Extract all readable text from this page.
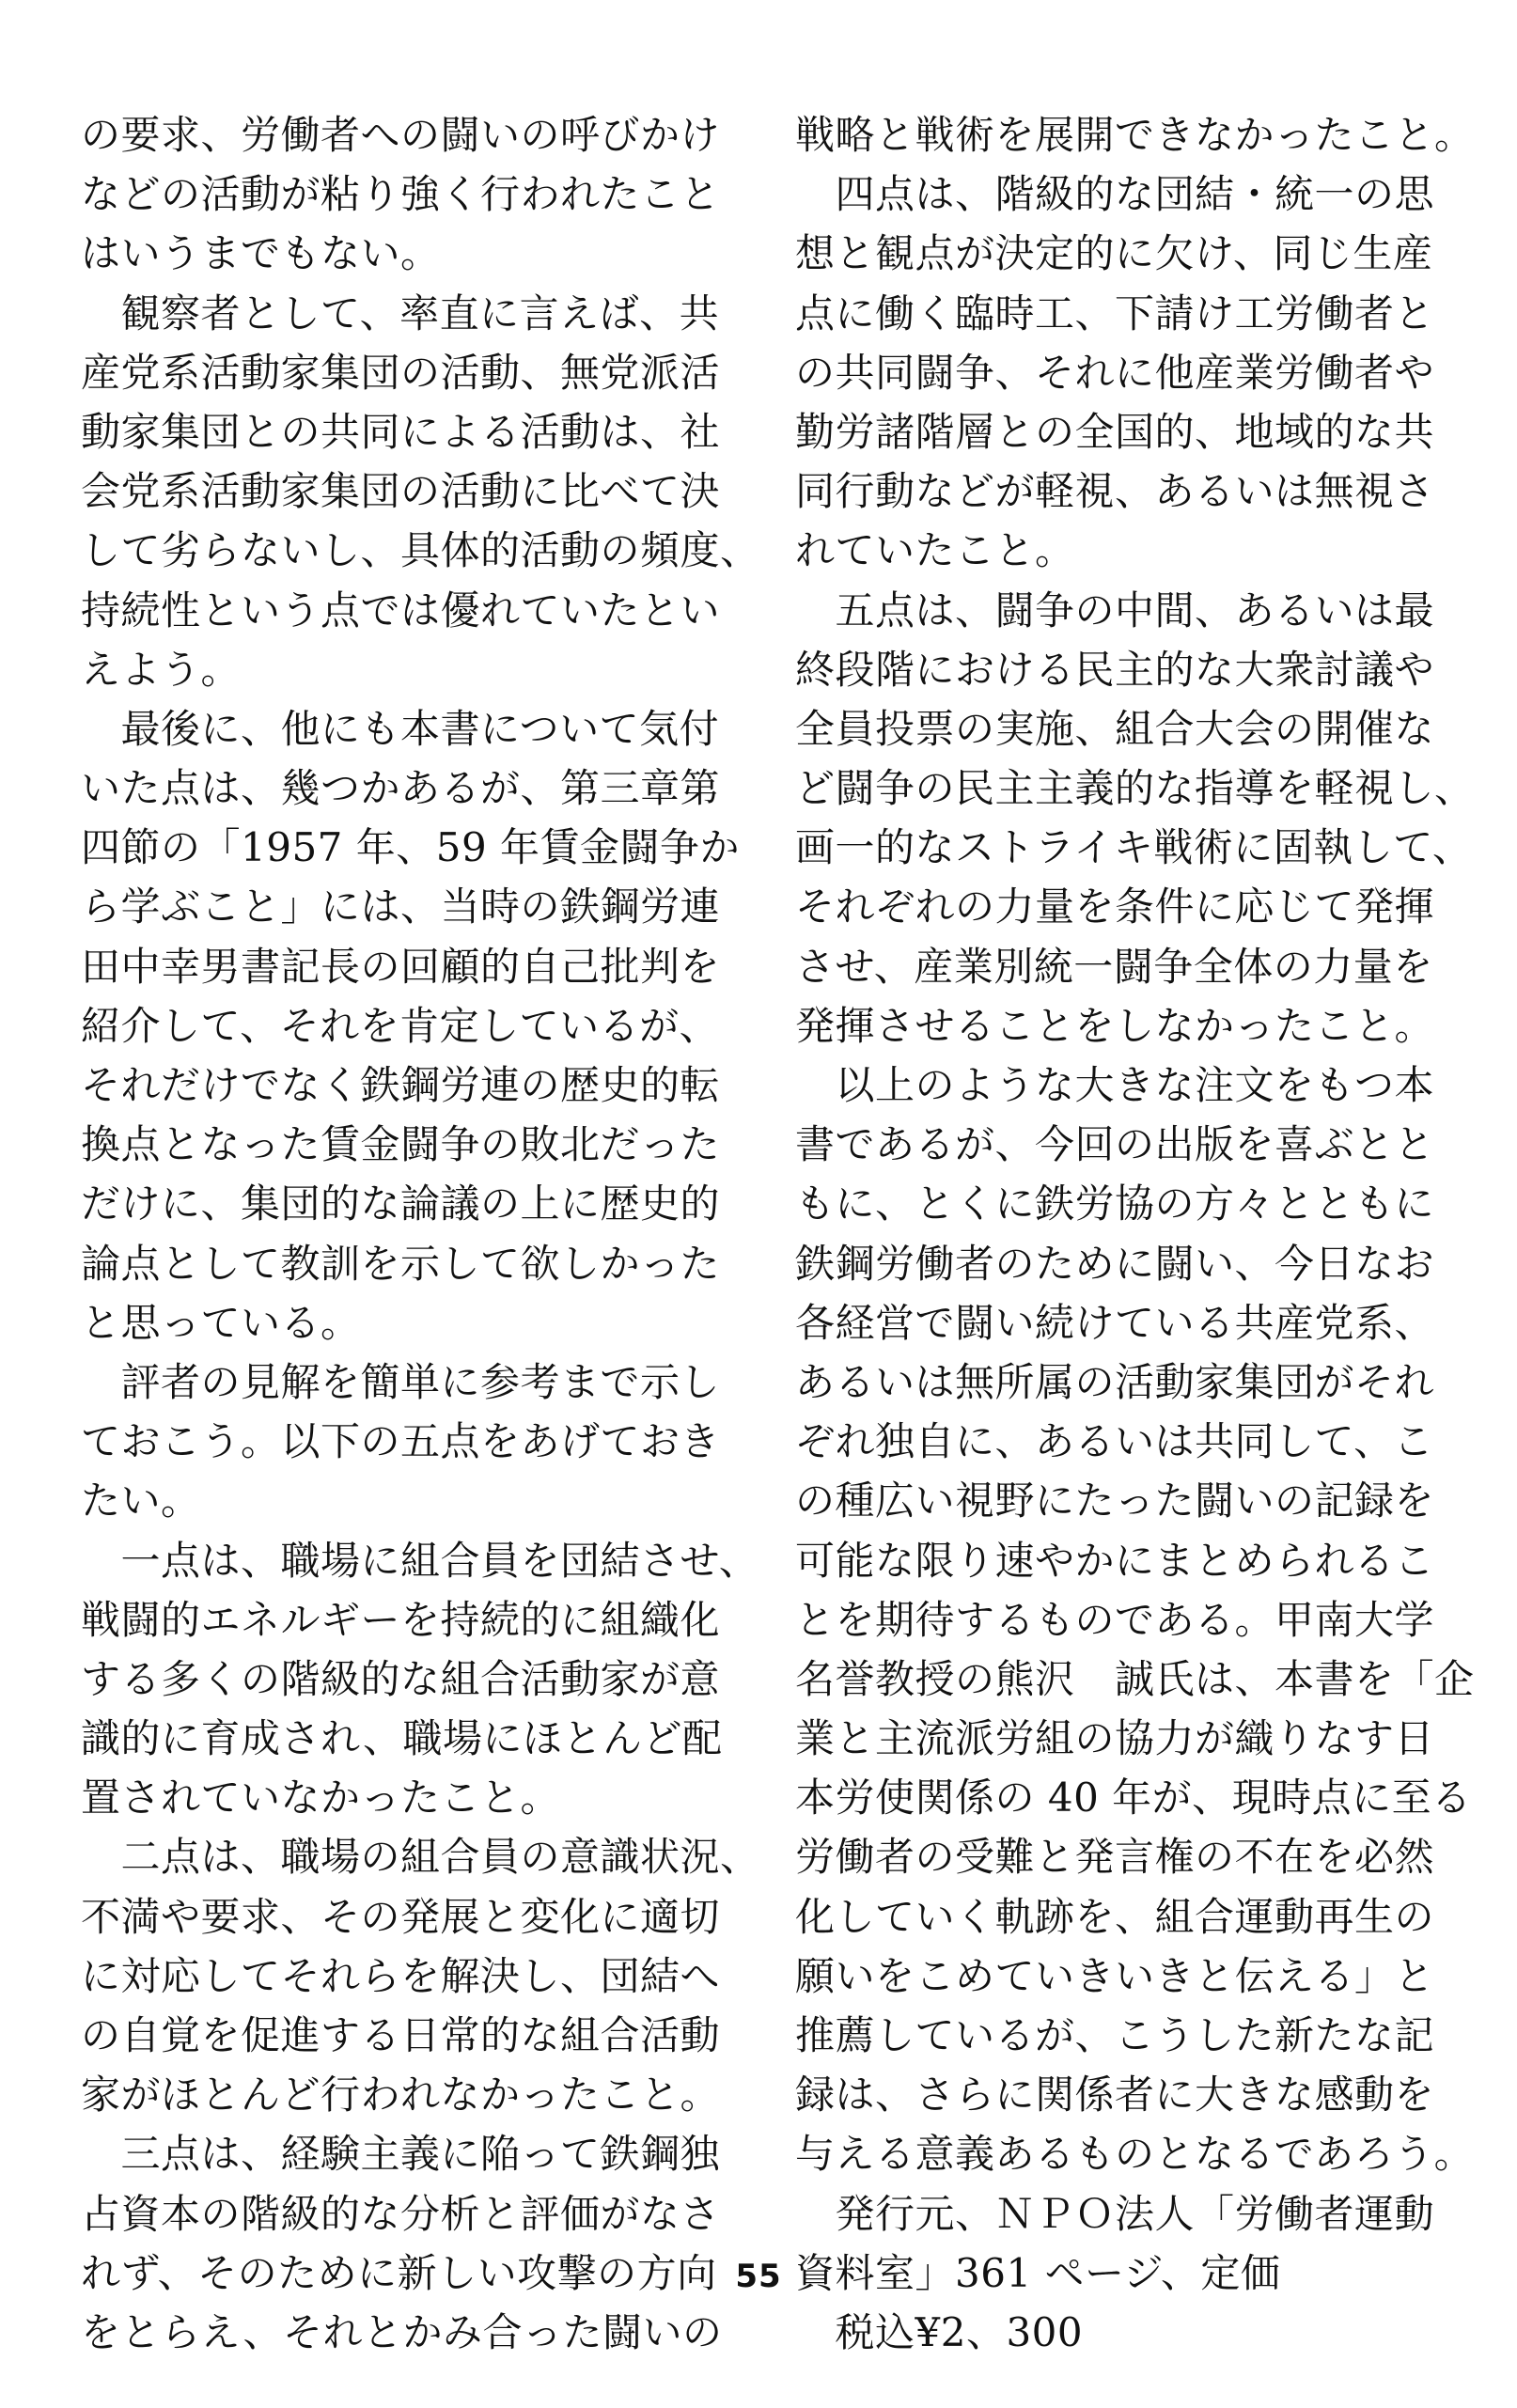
の要求、労働者への闘いの呼びかけ
などの活動が粘り強く行われたこと
はいうまでもない。
　観察者として、率直に言えば、共
産党系活動家集団の活動、無党派活
動家集団との共同による活動は、社
会党系活動家集団の活動に比べて決
して劣らないし、具体的活動の頻度、
持続性という点では優れていたとい
えよう。
　最後に、他にも本書について気付
いた点は、幾つかあるが、第三章第
四節の「1957 年、59 年賃金闘争か
ら学ぶこと」には、当時の鉄鋼労連
田中幸男書記長の回顧的自己批判を
紹介して、それを肯定しているが、
それだけでなく鉄鋼労連の歴史的転
換点となった賃金闘争の敗北だった
だけに、集団的な論議の上に歴史的
論点として教訓を示して欲しかった
と思っている。
　評者の見解を簡単に参考まで示し
ておこう。以下の五点をあげておき
たい。
　一点は、職場に組合員を団結させ、
戦闘的エネルギーを持続的に組織化
する多くの階級的な組合活動家が意
識的に育成され、職場にほとんど配
置されていなかったこと。
　二点は、職場の組合員の意識状況、
不満や要求、その発展と変化に適切
に対応してそれらを解決し、団結へ
の自覚を促進する日常的な組合活動
家がほとんど行われなかったこと。
　三点は、経験主義に陥って鉄鋼独
占資本の階級的な分析と評価がなさ
れず、そのために新しい攻撃の方向
をとらえ、それとかみ合った闘いの
戦略と戦術を展開できなかったこと。
　四点は、階級的な団結・統一の思
想と観点が決定的に欠け、同じ生産
点に働く臨時工、下請け工労働者と
の共同闘争、それに他産業労働者や
勤労諸階層との全国的、地域的な共
同行動などが軽視、あるいは無視さ
れていたこと。
　五点は、闘争の中間、あるいは最
終段階における民主的な大衆討議や
全員投票の実施、組合大会の開催な
ど闘争の民主主義的な指導を軽視し、
画一的なストライキ戦術に固執して、
それぞれの力量を条件に応じて発揮
させ、産業別統一闘争全体の力量を
発揮させることをしなかったこと。
　以上のような大きな注文をもつ本
書であるが、今回の出版を喜ぶとと
もに、とくに鉄労協の方々とともに
鉄鋼労働者のために闘い、今日なお
各経営で闘い続けている共産党系、
あるいは無所属の活動家集団がそれ
ぞれ独自に、あるいは共同して、こ
の種広い視野にたった闘いの記録を
可能な限り速やかにまとめられるこ
とを期待するものである。甲南大学
名誉教授の熊沢　誠氏は、本書を「企
業と主流派労組の協力が織りなす日
本労使関係の 40 年が、現時点に至る
労働者の受難と発言権の不在を必然
化していく軌跡を、組合運動再生の
願いをこめていきいきと伝える」と
推薦しているが、こうした新たな記
録は、さらに関係者に大きな感動を
与える意義あるものとなるであろう。
　発行元、ＮＰＯ法人「労働者運動
資料室」361 ページ、定価
　税込¥2、300
55
